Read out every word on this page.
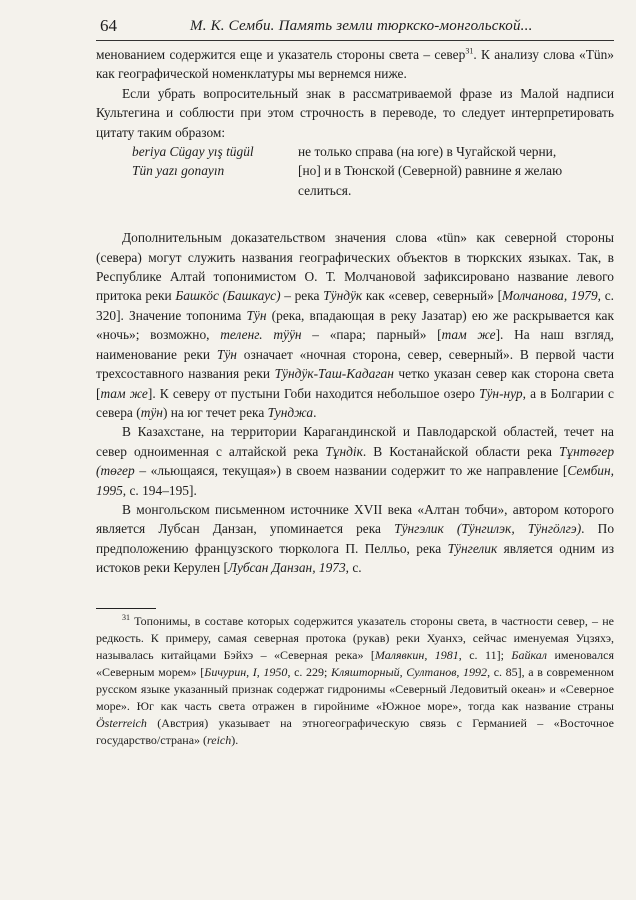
64	М. К. Семби. Память земли тюркско-монгольской...

менованием содержится еще и указатель стороны света – север$^{31}$. К анализу слова «Tün» как географической номенклатуры мы вернемся ниже.

Если убрать вопросительный знак в рассматриваемой фразе из Малой надписи Культегина и соблюсти при этом строчность в переводе, то следует интерпретировать цитату таким образом:

beriya Cügay yış tügül	не только справа (на юге) в Чугайской черни,
Tün yazı gonayın	[но] и в Тюнской (Северной) равнине я желаю селиться.

Дополнительным доказательством значения слова «tün» как северной стороны (севера) могут служить названия географических объектов в тюркских языках. Так, в Республике Алтай топонимистом О. Т. Молчановой зафиксировано название левого притока реки Башкöс (Башкаус) – река Тÿндÿк как «север, северный» [Молчанова, 1979, с. 320]. Значение топонима Тÿн (река, впадающая в реку Jазатар) ею же раскрывается как «ночь»; возможно, теленг. тÿÿн – «пара; парный» [там же]. На наш взгляд, наименование реки Тÿн означает «ночная сторона, север, северный». В первой части трехсоставного названия реки Тÿндÿк-Таш-Кадаган четко указан север как сторона света [там же]. К северу от пустыни Гоби находится небольшое озеро Тÿн-нур, а в Болгарии с севера (тÿн) на юг течет река Тунджа.

В Казахстане, на территории Карагандинской и Павлодарской областей, течет на север одноименная с алтайской река Тұндік. В Костанайской области река Тұнтөгер (төгер – «льющаяся, текущая») в своем названии содержит то же направление [Сембин, 1995, с. 194–195].

В монгольском письменном источнике XVII века «Алтан тобчи», автором которого является Лубсан Данзан, упоминается река Тÿнгэлик (Тÿнгилэк, Тÿнгöлгэ). По предположению французского тюрколога П. Пелльо, река Тÿнгелик является одним из истоков реки Керулен [Лубсан Данзан, 1973, с.

$^{31}$ Топонимы, в составе которых содержится указатель стороны света, в частности север, – не редкость. К примеру, самая северная протока (рукав) реки Хуанхэ, сейчас именуемая Уцзяхэ, называлась китайцами Бэйхэ – «Северная река» [Малявкин, 1981, с. 11]; Байкал именовался «Северным морем» [Бичурин, I, 1950, с. 229; Кляшторный, Султанов, 1992, с. 85], а в современном русском языке указанный признак содержат гидронимы «Северный Ледовитый океан» и «Северное море». Юг как часть света отражен в гиройниме «Южное море», тогда как название страны Österreich (Австрия) указывает на этногеографическую связь с Германией – «Восточное государство/страна» (reich).
